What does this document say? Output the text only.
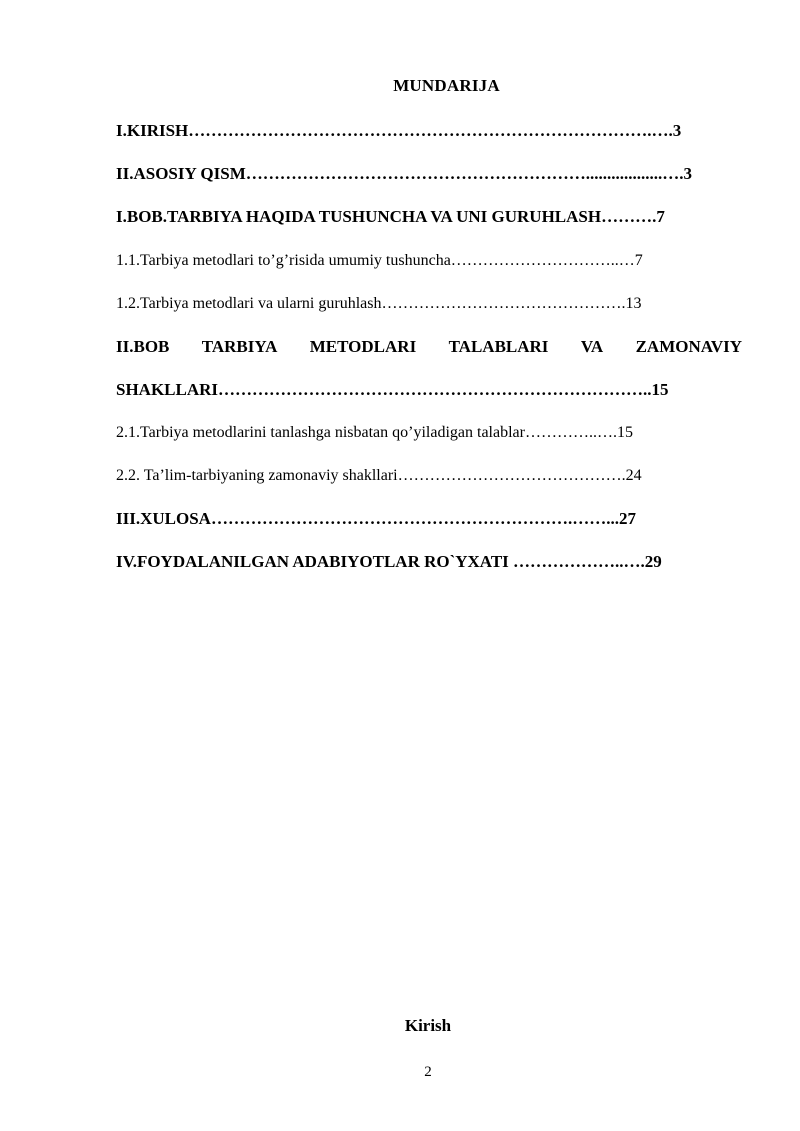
MUNDARIJA
I.KIRISH……………………………………………………………………….….3
II.ASOSIY QISM……………………………………………………..................….3
I.BOB.TARBIYA HAQIDA TUSHUNCHA VA UNI GURUHLASH……….7
1.1.Tarbiya metodlari to’g’risida umumiy tushuncha…………………………..…7
1.2.Tarbiya metodlari va ularni guruhlash……………………………………….13
II.BOB TARBIYA METODLARI TALABLARI VA ZAMONAVIY
SHAKLLARI…………………………………………………………………..15
2.1.Tarbiya metodlarini tanlashga nisbatan qo’yiladigan talablar…………..….15
2.2. Ta’lim-tarbiyaning zamonaviy shakllari…………………………………….24
III.XULOSA……………………………………………………….……...27
IV.FOYDALANILGAN ADABIYOTLAR RO`YXATI ………………..….29
Kirish
2
